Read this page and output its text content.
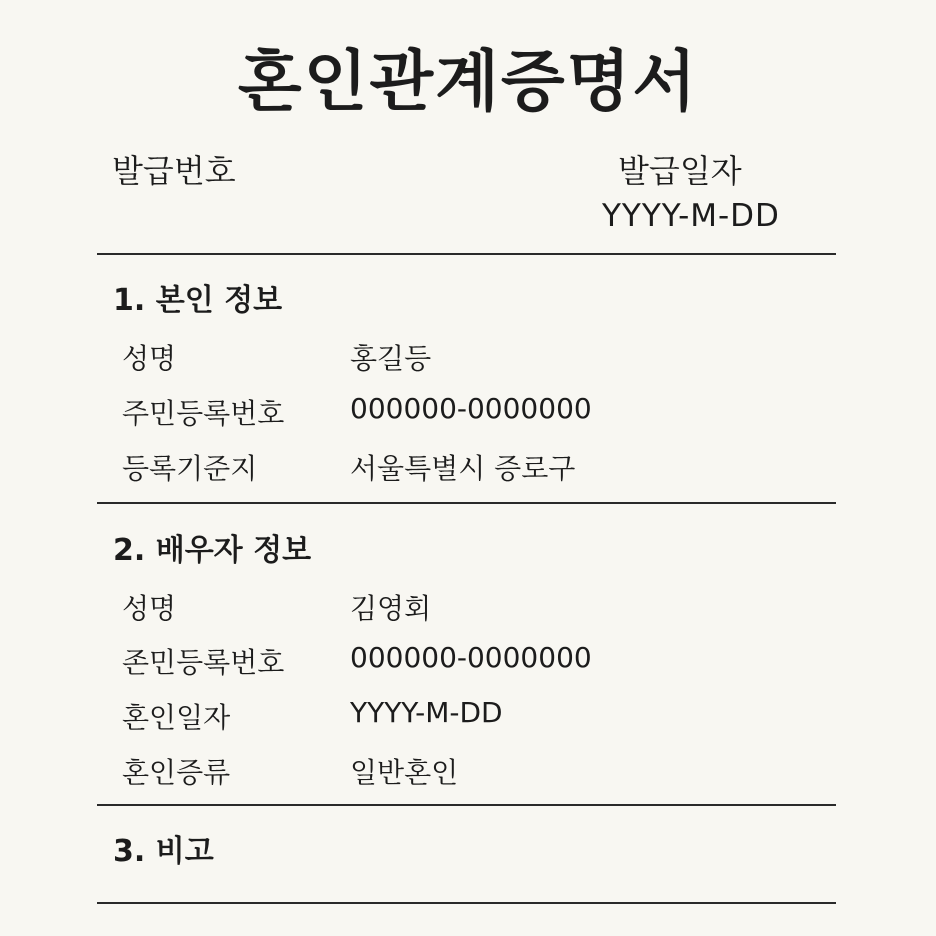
혼인관계증명서
발급번호	발급일자
YYYY-M-DD
1. 본인 정보
성명	홍길등
주민등록번호 000000-0000000
등록기준지	서울특별시 증로구
2. 배우자 정보
성명	김영회
존민등록번호 000000-0000000
혼인일자	YYYY-M-DD
혼인증류	일반혼인
3. 비고
